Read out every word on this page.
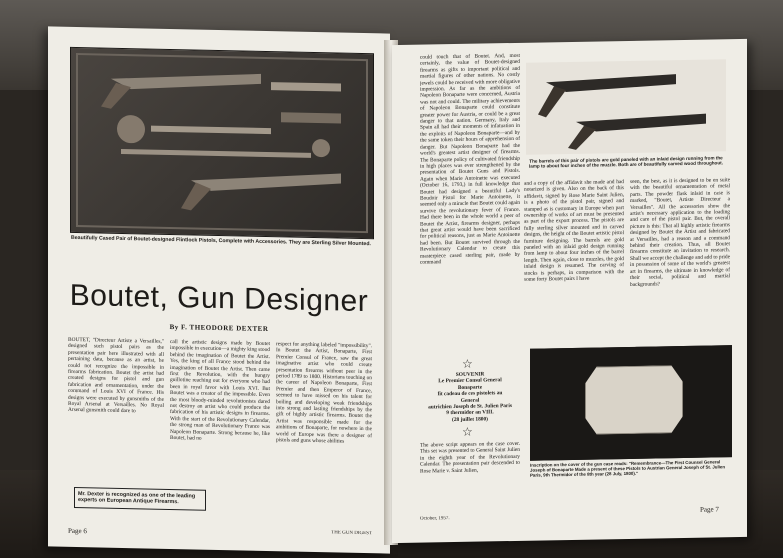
Beautifully Cased Pair of Boutet-designed Flintlock Pistols, Complete with Accessories. They are Sterling Silver Mounted.
Boutet, Gun Designer
By F. THEODORE DEXTER
BOUTET, "Directeur Artiste a Versailles," designed such pistol pairs as the presentation pair here illustrated with all pertaining data, because as an artist, he could not recognize the impossible in firearms fabrication. Boutet the artist had created designs for pistol and gun fabrication and ornamentation, under the command of Louis XVI of France. His designs were executed by gunsmiths of the Royal Arsenal at Versailles. No Royal Arsenal gunsmith could dare to
Mr. Dexter is recognized as one of the leading experts on European Antique Firearms.
call the artistic designs made by Boutet impossible in execution—a mighty king stood behind the imagination of Boutet the Artist. Yes, the king of all France stood behind the imagination of Boutet the Artist. Then came first the Revolution, with the hungry guillotine reaching out for everyone who had been in royal favor with Louis XVI. But Boutet was a creator of the impossible. Even the most bloody-minded revolutionists dared not destroy an artist who could produce the fabrication of his artistic designs in firearms. With the start of the Revolutionary Calendar, the strong man of Revolutionary France was Napoleon Bonaparte. Strong because he, like Boutet, had no
respect for anything labeled "impossibility". In Boutet the Artist, Bonaparte, First Premier Consul of France, saw the great imaginative artist who could create presentation firearms without peer in the period 1789 to 1800. Historians touching on the career of Napoleon Bonaparte, First Premier and then Emperor of France, seemed to have missed on his talent for boiling and developing weak friendships into strong and lasting friendships by the gift of highly artistic firearms. Boutet the Artist was responsible made for the ambitions of Bonaparte, for nowhere in the world of Europe was there a designer of pistols and guns whose abilities
THE GUN DIGEST
Page 6
could touch that of Boutet. And, most certainly, the value of Boutet-designed firearms as gifts to important political and martial figures of other nations. No costly jewels could be received with more obligative impression. As far as the ambitions of Napoleon Bonaparte were concerned, Austria was not and could. The military achievements of Napoleon Bonaparte could constitute greater power for Austria, or could be a great danger to that nation. Germany, Italy and Spain all had their moments of infatuation in the exploits of Napoleon Bonaparte—and by the same token their hours of apprehension of danger. But Napoleon Bonaparte had the world's greatest artist designer of firearms. The Bonaparte policy of cultivated friendship in high places was ever strengthened by the presentation of Boutet Guns and Pistols. Again when Marie Antoinette was executed (October 16, 1793,) in full knowledge that Boutet had designed a beautiful Lady's Boudoir Pistol for Marie Antoinette, it seemed only a miracle that Boutet could again survive the revolutionary fever of France. Had there been in the whole world a peer of Boutet the Artist, firearms designer, perhaps that great artist would have been sacrificed for political reasons, just as Marie Antoinette had been. But Boutet survived through the Revolutionary Calendar to create this masterpiece cased sterling pair, made by command
The barrels of this pair of pistols are gold paneled with an inlaid design running from the lamp to about four inches of the muzzle. Both are of beautifully carved wood throughout.
and a copy of the affidavit she made and had notarized is given. Also on the back of this affidavit, signed by Rose Marie Saint Julien, is a photo of the pistol pair, signed and stamped as is customary in Europe when part ownership of works of art must be presented as part of the export process. The pistols are fully sterling silver mounted and in carved designs, the height of the Boutet artistic pistol furniture designing. The barrels are gold paneled with an inlaid gold design running from lamp to about four inches of the barrel length. Then again, close to muzzles, the gold inlaid design is resumed. The carving of stocks is perhaps, in comparison with the some forty Boutet pairs I have
seen, the best, as it is designed to be en suite with the beautiful ornamentation of metal parts. The powder flask inlaid in case is marked, "Boutet, Artiste Directeur a Versailles". All the accessories show the artist's necessary application to the loading and care of the pistol pair. But, the overall picture is this: That all highly artistic firearms designed by Boutet the Artist and fabricated at Versailles, had a reason and a command behind their creation. Thus, all Boutet firearms constitute an invitation to research. Shall we accept the challenge and add to pride in possession of some of the world's greatest art in firearms, the ultimate in knowledge of their social, political and martial backgrounds?
☆
SOUVENIR
Le Premier Consul General
Bonaparte
fit cadeau de ces pistolets au
General
autrichien Joseph de St. Julien Paris
9 thermidor an VIII.
(28 juillet 1800)
☆
The above script appears on the case cover. This set was presented to General Saint Julien in the eighth year of the Revolutionary Calendar. The presentation pair descended to Rose Marie v. Saint Julien,
October, 1957.
Inscription on the cover of the gun case reads: "Remembrance—The First Counsel General Joseph of Bonaparte Made a present of these Pistols to Austrian General Joseph of St. Julien Paris, 9th Thermidor of the 8th year (28 July, 1800)."
Page 7
